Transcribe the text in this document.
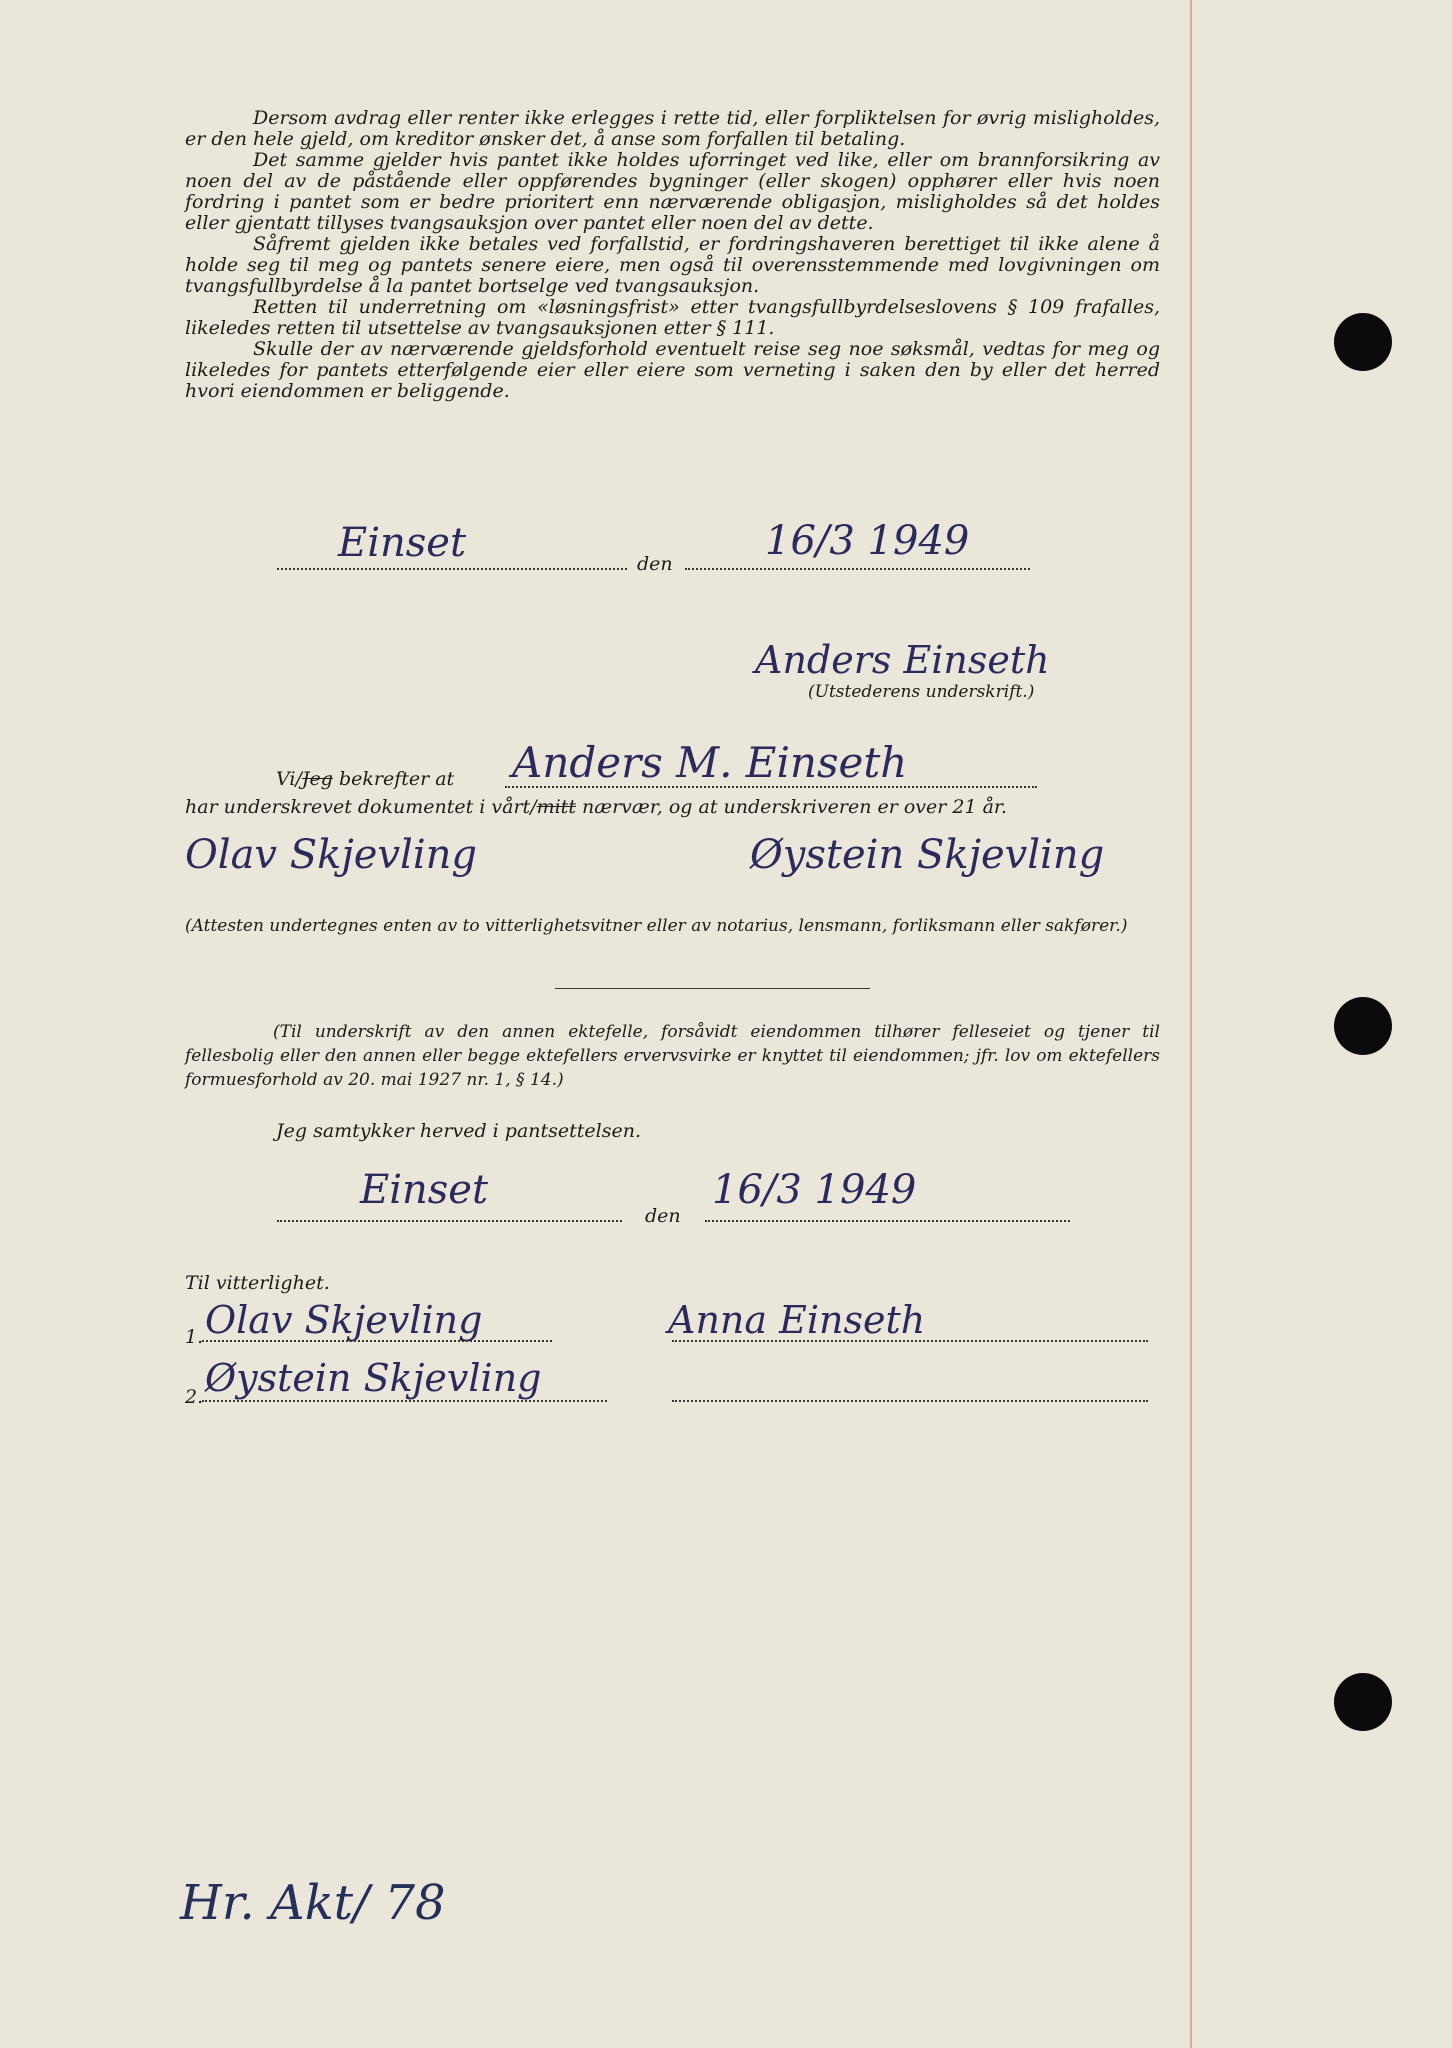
Dersom avdrag eller renter ikke erlegges i rette tid, eller forpliktelsen for øvrig misligholdes, er den hele gjeld, om kreditor ønsker det, å anse som forfallen til betaling.

Det samme gjelder hvis pantet ikke holdes uforringet ved like, eller om brannforsikring av noen del av de påstående eller oppførendes bygninger (eller skogen) opphører eller hvis noen fordring i pantet som er bedre prioritert enn nærværende obligasjon, misligholdes så det holdes eller gjentatt tillyses tvangsauksjon over pantet eller noen del av dette.

Såfremt gjelden ikke betales ved forfallstid, er fordringshaveren berettiget til ikke alene å holde seg til meg og pantets senere eiere, men også til overensstemmende med lovgivningen om tvangsfullbyrdelse å la pantet bortselge ved tvangsauksjon.

Retten til underretning om «løsningsfrist» etter tvangsfullbyrdelseslovens § 109 frafalles, likeledes retten til utsettelse av tvangsauksjonen etter § 111.

Skulle der av nærværende gjeldsforhold eventuelt reise seg noe søksmål, vedtas for meg og likeledes for pantets etterfølgende eier eller eiere som verneting i saken den by eller det herred hvori eiendommen er beliggende.

Einset	den 16/3 1949
Anders Einseth
(Utstederens underskrift.)
Vi/Jeg bekrefter at Anders M. Einseth
har underskrevet dokumentet i vårt/mitt nærvær, og at underskriveren er over 21 år.
Olav Skjevling	Øystein Skjevling
(Attesten undertegnes enten av to vitterlighetsvitner eller av notarius, lensmann, forliksmann eller sakfører.)
(Til underskrift av den annen ektefelle, forsåvidt eiendommen tilhører felleseiet og tjener til fellesbolig eller den annen eller begge ektefellers ervervsvirke er knyttet til eiendommen; jfr. lov om ektefellers formuesforhold av 20. mai 1927 nr. 1, § 14.)
Jeg samtykker herved i pantsettelsen.
Einset
den
16/3 1949
Til vitterlighet.
1. Olav Skjevling	Anna Einseth
2. Øystein Skjevling
Hr. Akt/ 78
